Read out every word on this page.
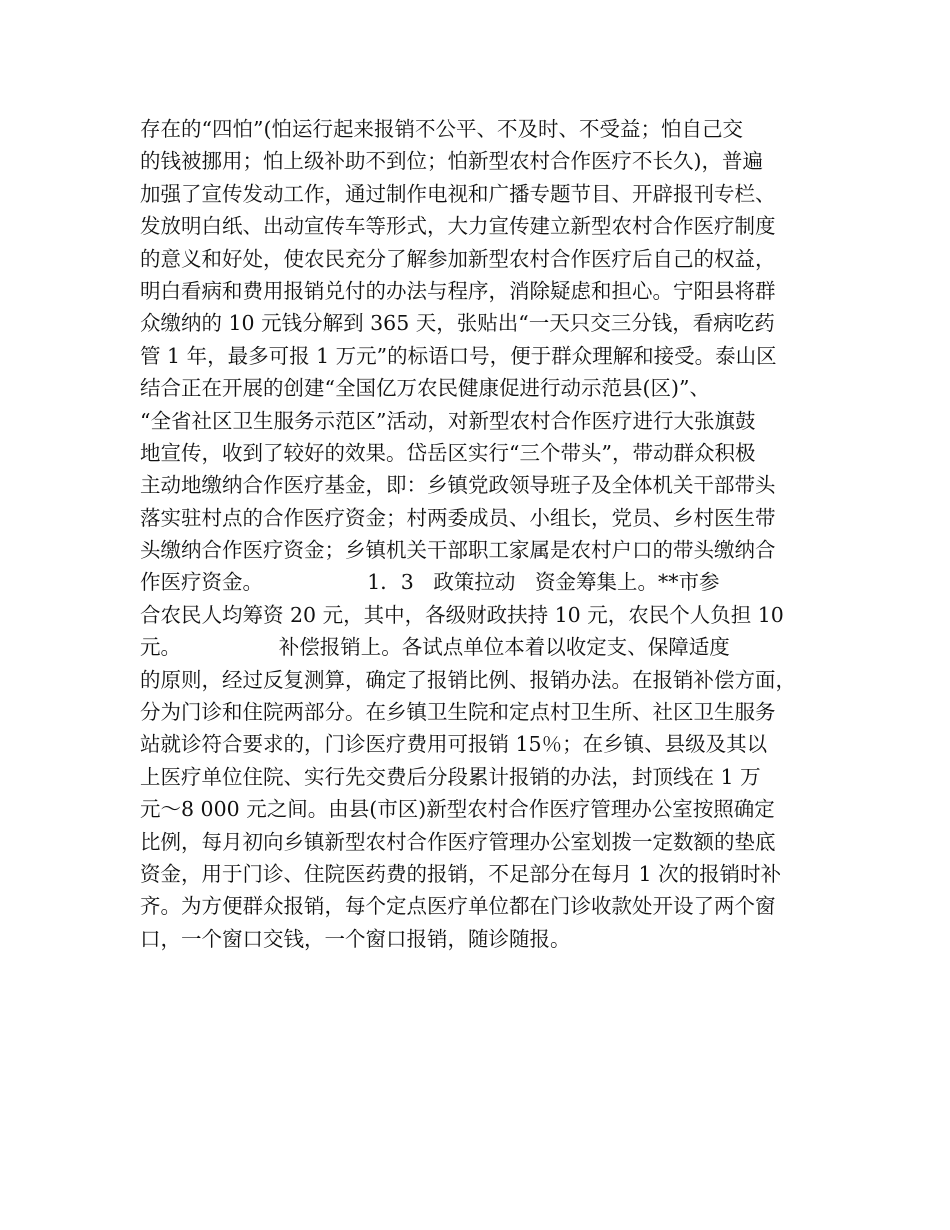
存在的“四怕”(怕运行起来报销不公平、不及时、不受益；怕自己交
的钱被挪用；怕上级补助不到位；怕新型农村合作医疗不长久)，普遍
加强了宣传发动工作，通过制作电视和广播专题节目、开辟报刊专栏、
发放明白纸、出动宣传车等形式，大力宣传建立新型农村合作医疗制度
的意义和好处，使农民充分了解参加新型农村合作医疗后自己的权益，
明白看病和费用报销兑付的办法与程序，消除疑虑和担心。宁阳县将群
众缴纳的 10 元钱分解到 365 天，张贴出“一天只交三分钱，看病吃药
管 1 年，最多可报 1 万元”的标语口号，便于群众理解和接受。泰山区
结合正在开展的创建“全国亿万农民健康促进行动示范县(区)”、
“全省社区卫生服务示范区”活动，对新型农村合作医疗进行大张旗鼓
地宣传，收到了较好的效果。岱岳区实行“三个带头”，带动群众积极
主动地缴纳合作医疗基金，即：乡镇党政领导班子及全体机关干部带头
落实驻村点的合作医疗资金；村两委成员、小组长，党员、乡村医生带
头缴纳合作医疗资金；乡镇机关干部职工家属是农村户口的带头缴纳合
作医疗资金。                1．3   政策拉动   资金筹集上。**市参
合农民人均筹资 20 元，其中，各级财政扶持 10 元，农民个人负担 10
元。               补偿报销上。各试点单位本着以收定支、保障适度
的原则，经过反复测算，确定了报销比例、报销办法。在报销补偿方面，
分为门诊和住院两部分。在乡镇卫生院和定点村卫生所、社区卫生服务
站就诊符合要求的，门诊医疗费用可报销 15％；在乡镇、县级及其以
上医疗单位住院、实行先交费后分段累计报销的办法，封顶线在 1 万
元～8 000 元之间。由县(市区)新型农村合作医疗管理办公室按照确定
比例，每月初向乡镇新型农村合作医疗管理办公室划拨一定数额的垫底
资金，用于门诊、住院医药费的报销，不足部分在每月 1 次的报销时补
齐。为方便群众报销，每个定点医疗单位都在门诊收款处开设了两个窗
口，一个窗口交钱，一个窗口报销，随诊随报。
